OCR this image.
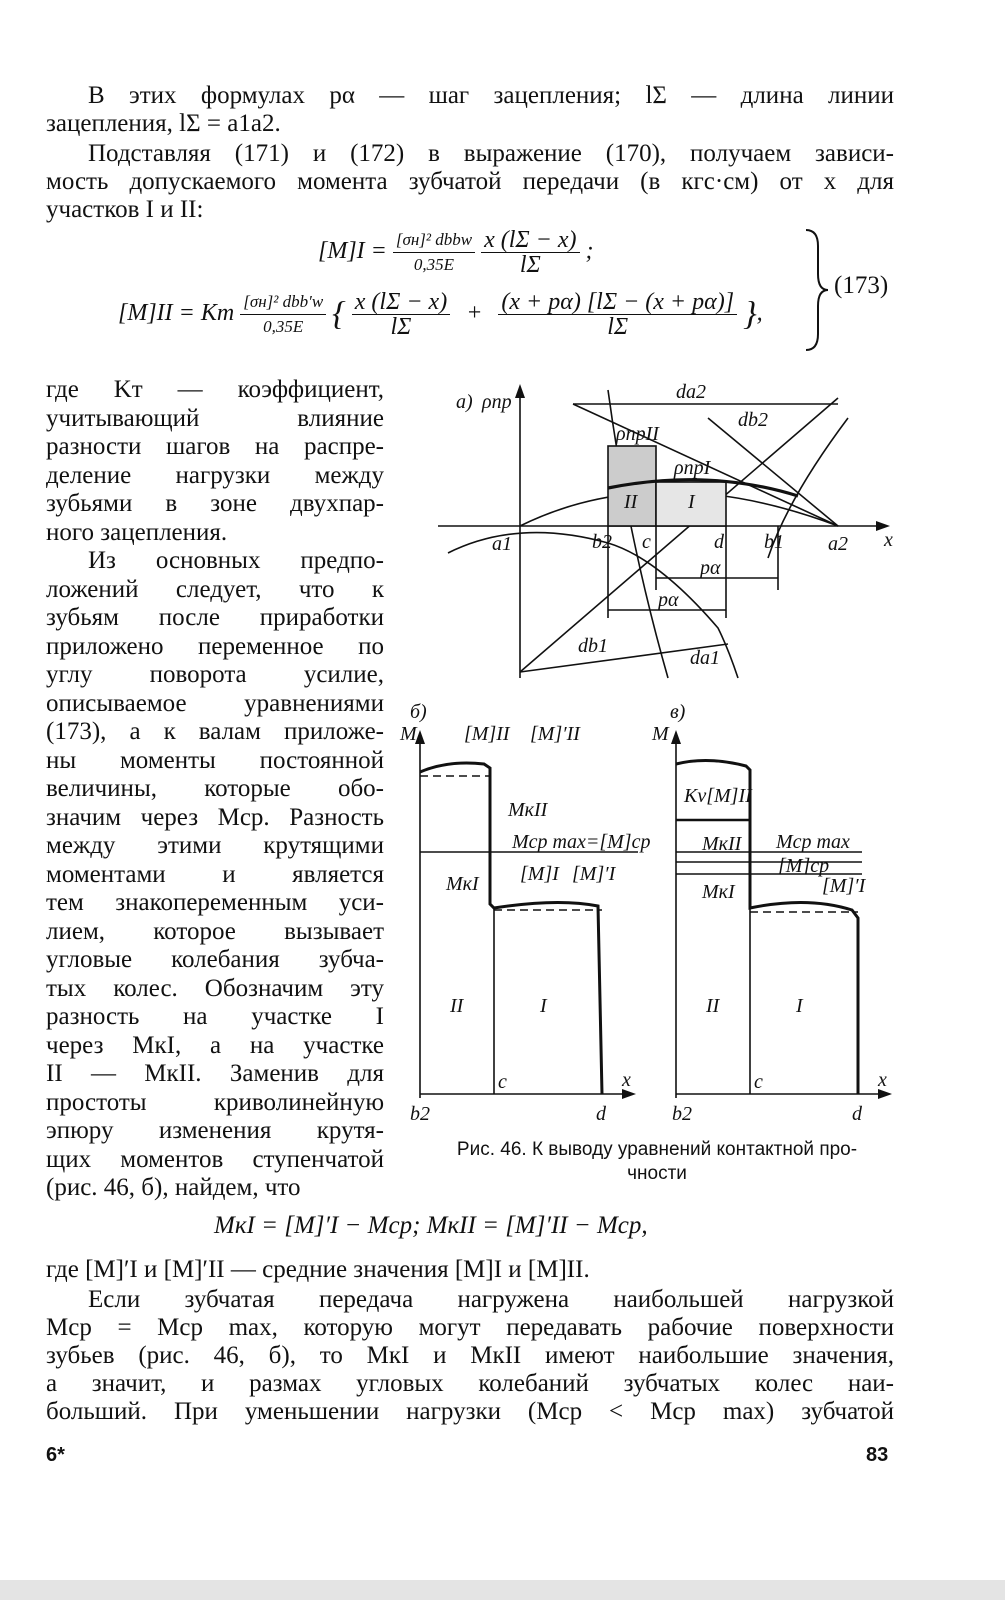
В этих формулах pα — шаг зацепления; lΣ — длина линии
зацепления, lΣ = a1a2.
Подставляя (171) и (172) в выражение (170), получаем зависи-
мость допускаемого момента зубчатой передачи (в кгс·см) от x для
участков I и II:
$[M]I = \frac{\text{[σн]² dbbw}}{0,35E}$
$\frac{x (l\Sigma - x)}{l\Sigma}$ ;
[M]II = Kт $\frac{\text{[σн]² dbb′w}}{0,35E}$ { $\frac{x (l\Sigma - x)}{l\Sigma} + \frac{(x + p\alpha) [l\Sigma - (x + p\alpha)]}{l\Sigma}$ },
(173)
где Kт — коэффициент,
учитывающий влияние
разности шагов на распре-
деление нагрузки между
зубьями в зоне двухпар-
ного зацепления.
Из основных предпо-
ложений следует, что к
зубьям после приработки
приложено переменное по
углу поворота усилие,
описываемое уравнениями
(173), а к валам приложе-
ны моменты постоянной
величины, которые обо-
значим через Mср. Разность
между этими крутящими
моментами и является
тем знакопеременным уси-
лием, которое вызывает
угловые колебания зубча-
тых колес. Обозначим эту
разность на участке I
через MкI, а на участке
II — MкII. Заменив для
простоты криволинейную
эпюру изменения крутя-
щих моментов ступенчатой
(рис. 46, б), найдем, что
а) ρпр
x
da2
db2
da1
db1
ρпрII
ρпрI
II	I
a1	b2 c	d b1 a2
pα
pα
б)
M
x
[M]II [M]′II
MкII
Mср max=[M]ср
MкI [M]I [M]′I
II	I
b2
c
d
в)
M
x
Kv[M]II
MкII Mср max
[M]ср
MкI	[M]′I
II	I
b2
c
d
Рис. 46. К выводу уравнений контактной про-
чности
MкI = [M]′I − Mср; MкII = [M]′II − Mср,
где [M]′I и [M]′II — средние значения [M]I и [M]II.
Если зубчатая передача нагружена наибольшей нагрузкой
Mср = Mср max, которую могут передавать рабочие поверхности
зубьев (рис. 46, б), то MкI и MкII имеют наибольшие значения,
а значит, и размах угловых колебаний зубчатых колес наи-
больший. При уменьшении нагрузки (Mср < Mср max) зубчатой
6*	83
